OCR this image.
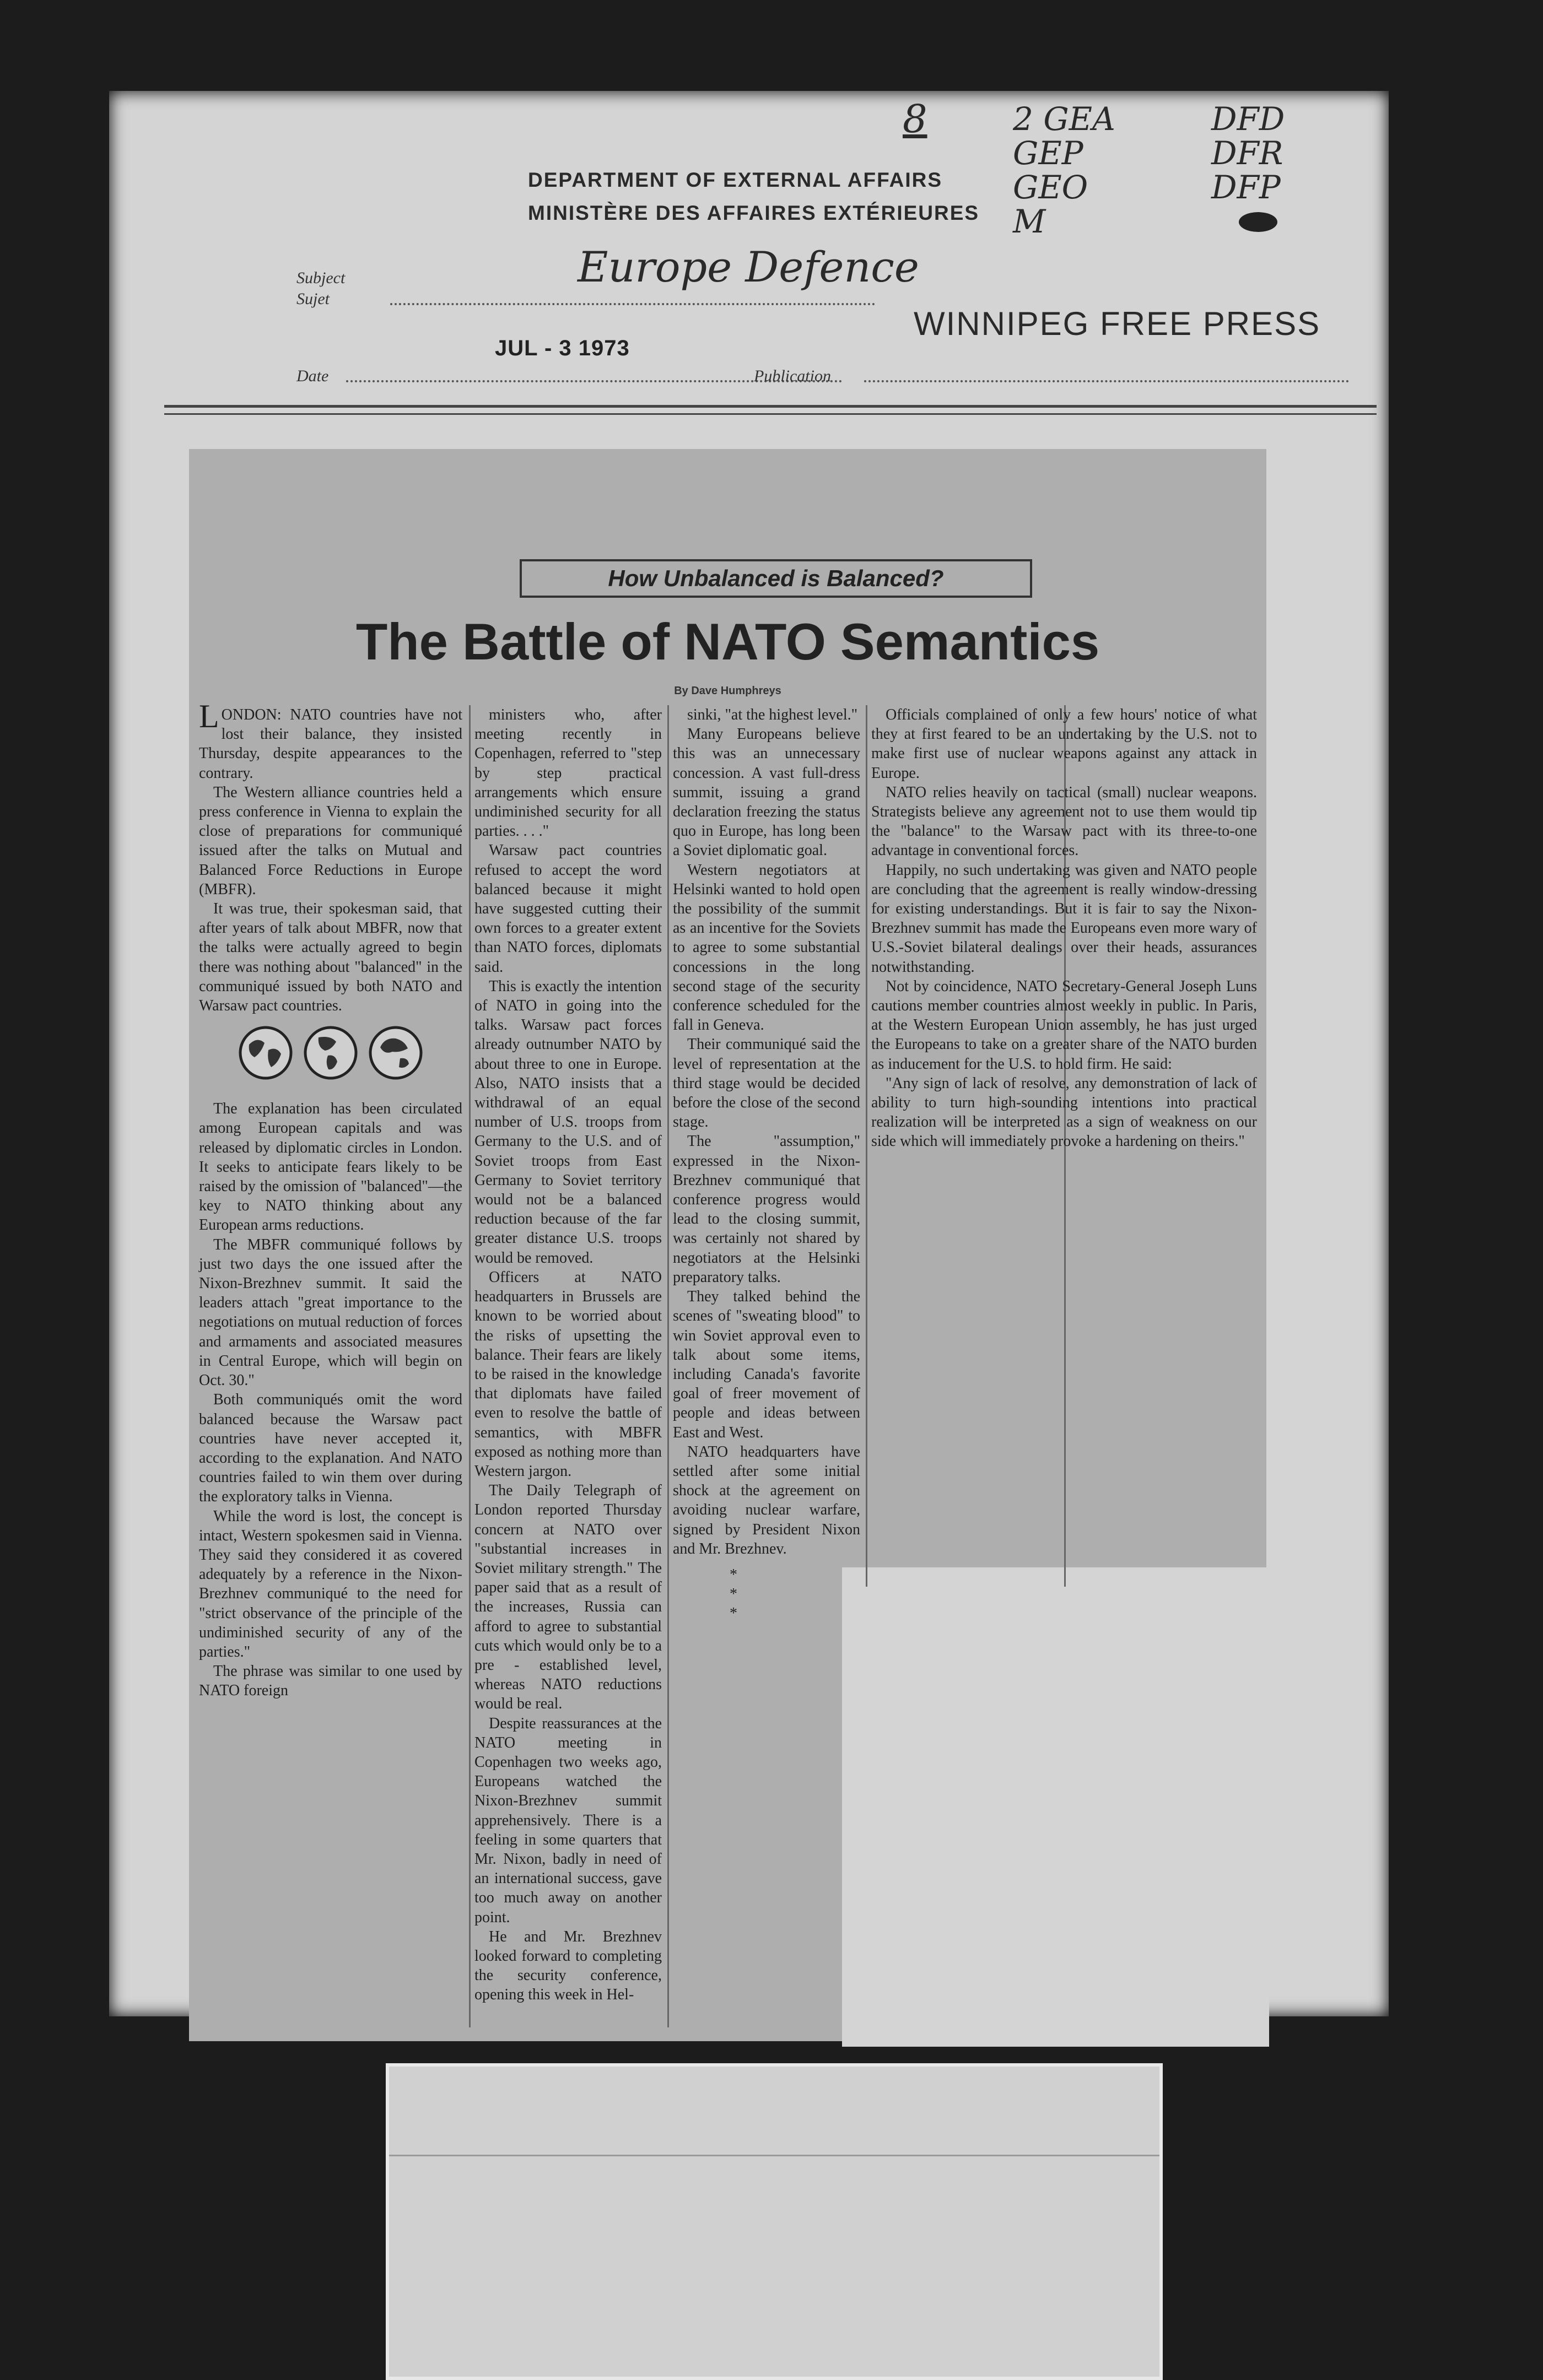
8	2 GEA
GEP
GEO
M
DFD
DFR
DFP
DEPARTMENT OF EXTERNAL AFFAIRS
MINISTÈRE DES AFFAIRES EXTÉRIEURES
Subject
Sujet
Europe Defence
WINNIPEG FREE PRESS
Date
JUL - 3 1973
Publication
How Unbalanced is Balanced?
The Battle of NATO Semantics
By Dave Humphreys

LONDON: NATO countries have not lost their balance, they insisted Thursday, despite appearances to the contrary.

The Western alliance countries held a press conference in Vienna to explain the close of preparations for communiqué issued after the talks on Mutual and Balanced Force Reductions in Europe (MBFR).

It was true, their spokesman said, that after years of talk about MBFR, now that the talks were actually agreed to begin there was nothing about "balanced" in the communiqué issued by both NATO and Warsaw pact countries.

The explanation has been circulated among European capitals and was released by diplomatic circles in London. It seeks to anticipate fears likely to be raised by the omission of "balanced"—the key to NATO thinking about any European arms reductions.

The MBFR communiqué follows by just two days the one issued after the Nixon-Brezhnev summit. It said the leaders attach "great importance to the negotiations on mutual reduction of forces and armaments and associated measures in Central Europe, which will begin on Oct. 30."

Both communiqués omit the word balanced because the Warsaw pact countries have never accepted it, according to the explanation. And NATO countries failed to win them over during the exploratory talks in Vienna.

While the word is lost, the concept is intact, Western spokesmen said in Vienna. They said they considered it as covered adequately by a reference in the Nixon-Brezhnev communiqué to the need for "strict observance of the principle of the undiminished security of any of the parties."

The phrase was similar to one used by NATO foreign

ministers who, after meeting recently in Copenhagen, referred to "step by step practical arrangements which ensure undiminished security for all parties. . . ."

Warsaw pact countries refused to accept the word balanced because it might have suggested cutting their own forces to a greater extent than NATO forces, diplomats said.

This is exactly the intention of NATO in going into the talks. Warsaw pact forces already outnumber NATO by about three to one in Europe. Also, NATO insists that a withdrawal of an equal number of U.S. troops from Germany to the U.S. and of Soviet troops from East Germany to Soviet territory would not be a balanced reduction because of the far greater distance U.S. troops would be removed.

Officers at NATO headquarters in Brussels are known to be worried about the risks of upsetting the balance. Their fears are likely to be raised in the knowledge that diplomats have failed even to resolve the battle of semantics, with MBFR exposed as nothing more than Western jargon.

The Daily Telegraph of London reported Thursday concern at NATO over "substantial increases in Soviet military strength." The paper said that as a result of the increases, Russia can afford to agree to substantial cuts which would only be to a pre - established level, whereas NATO reductions would be real.

Despite reassurances at the NATO meeting in Copenhagen two weeks ago, Europeans watched the Nixon-Brezhnev summit apprehensively. There is a feeling in some quarters that Mr. Nixon, badly in need of an international success, gave too much away on another point.

He and Mr. Brezhnev looked forward to completing the security conference, opening this week in Hel-

sinki, "at the highest level."

Many Europeans believe this was an unnecessary concession. A vast full-dress summit, issuing a grand declaration freezing the status quo in Europe, has long been a Soviet diplomatic goal.

Western negotiators at Helsinki wanted to hold open the possibility of the summit as an incentive for the Soviets to agree to some substantial concessions in the long second stage of the security conference scheduled for the fall in Geneva.

Their communiqué said the level of representation at the third stage would be decided before the close of the second stage.

The "assumption," expressed in the Nixon-Brezhnev communiqué that conference progress would lead to the closing summit, was certainly not shared by negotiators at the Helsinki preparatory talks.

They talked behind the scenes of "sweating blood" to win Soviet approval even to talk about some items, including Canada's favorite goal of freer movement of people and ideas between East and West.

NATO headquarters have settled after some initial shock at the agreement on avoiding nuclear warfare, signed by President Nixon and Mr. Brezhnev.

* * *

Officials complained of only a few hours' notice of what they at first feared to be an undertaking by the U.S. not to make first use of nuclear weapons against any attack in Europe.

NATO relies heavily on tactical (small) nuclear weapons. Strategists believe any agreement not to use them would tip the "balance" to the Warsaw pact with its three-to-one advantage in conventional forces.

Happily, no such undertaking was given and NATO people are concluding that the agreement is really window-dressing for existing understandings. But it is fair to say the Nixon-Brezhnev summit has made the Europeans even more wary of U.S.-Soviet bilateral dealings over their heads, assurances notwithstanding.

Not by coincidence, NATO Secretary-General Joseph Luns cautions member countries almost weekly in public. In Paris, at the Western European Union assembly, he has just urged the Europeans to take on a greater share of the NATO burden as inducement for the U.S. to hold firm. He said:

"Any sign of lack of resolve, any demonstration of lack of ability to turn high-sounding intentions into practical realization will be interpreted as a sign of weakness on our side which will immediately provoke a hardening on theirs."
